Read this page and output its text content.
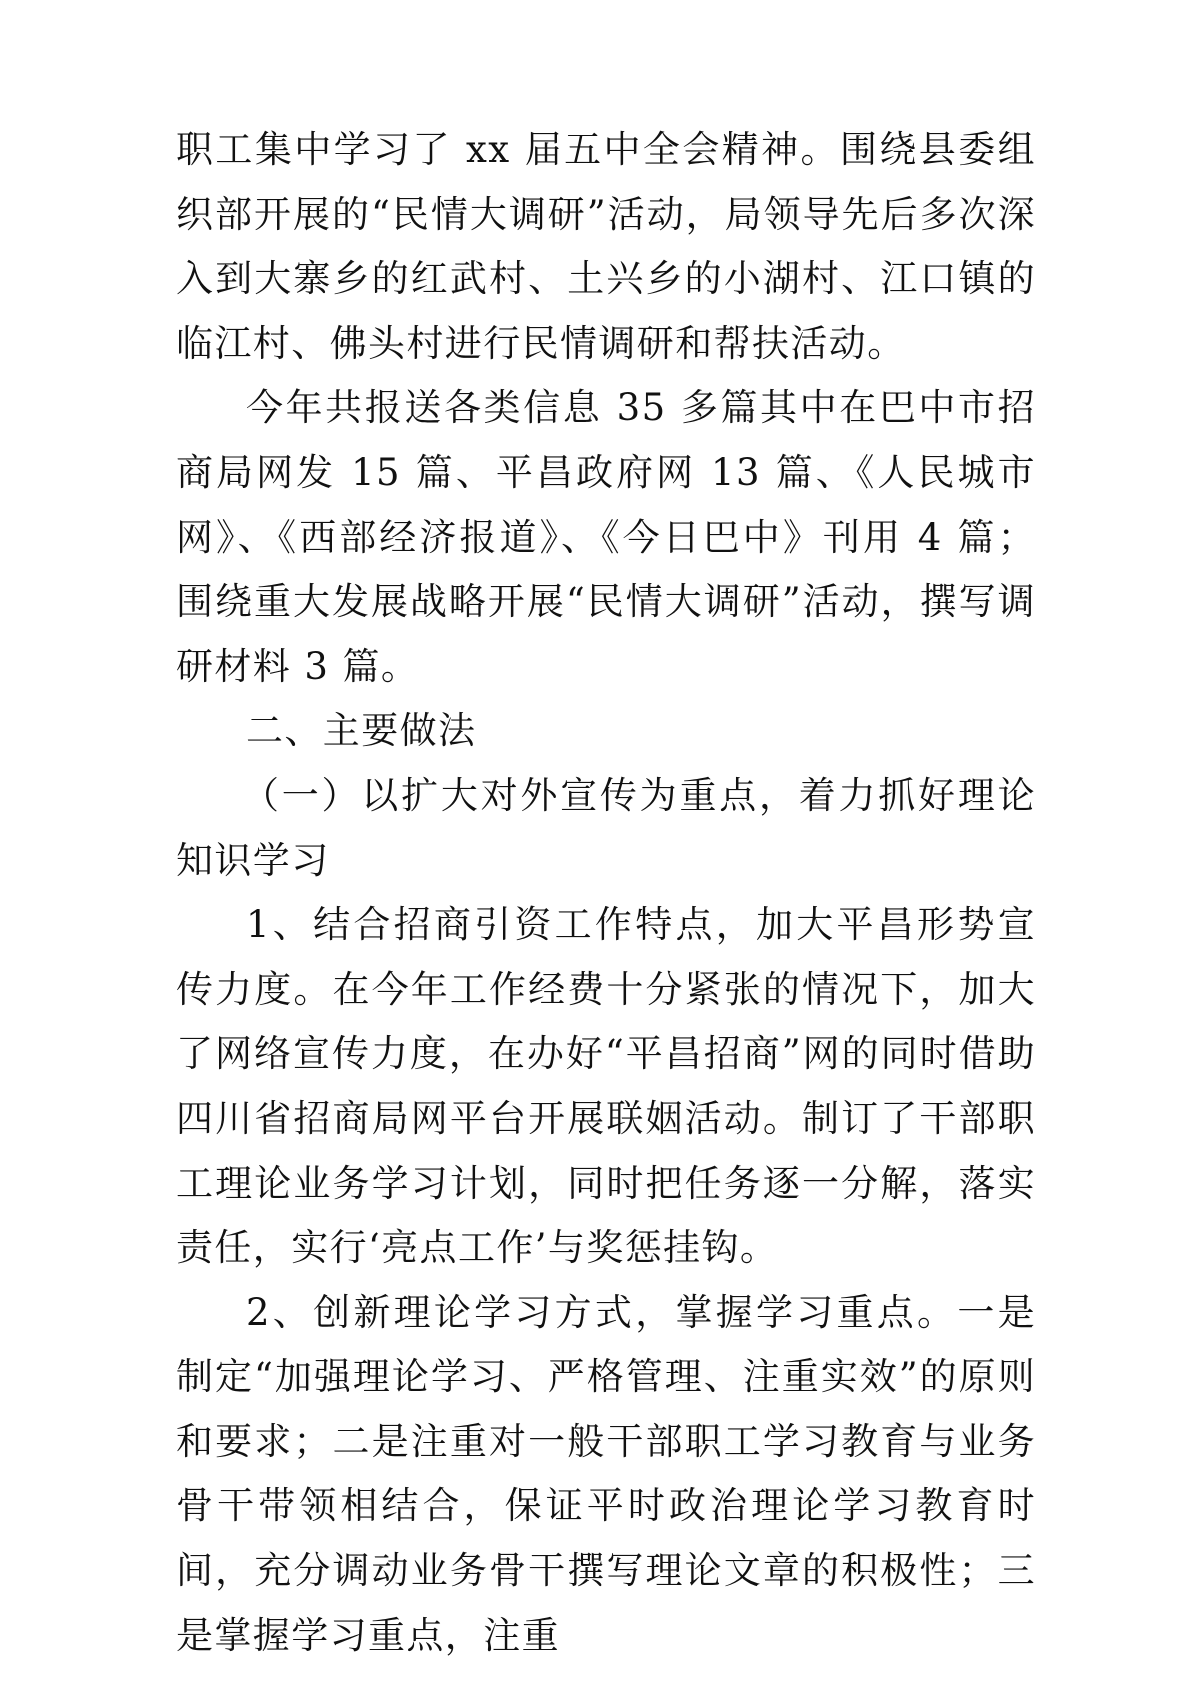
职工集中学习了 xx 届五中全会精神。围绕县委组织部开展的“民情大调研”活动，局领导先后多次深入到大寨乡的红武村、土兴乡的小湖村、江口镇的临江村、佛头村进行民情调研和帮扶活动。

今年共报送各类信息 35 多篇其中在巴中市招商局网发 15 篇、平昌政府网 13 篇、《人民城市网》、《西部经济报道》、《今日巴中》刊用 4 篇；围绕重大发展战略开展“民情大调研”活动，撰写调研材料 3 篇。

二、主要做法

（一）以扩大对外宣传为重点，着力抓好理论知识学习

1、结合招商引资工作特点，加大平昌形势宣传力度。在今年工作经费十分紧张的情况下，加大了网络宣传力度，在办好“平昌招商”网的同时借助四川省招商局网平台开展联姻活动。制订了干部职工理论业务学习计划，同时把任务逐一分解，落实责任，实行‘亮点工作’与奖惩挂钩。

2、创新理论学习方式，掌握学习重点。一是制定“加强理论学习、严格管理、注重实效”的原则和要求；二是注重对一般干部职工学习教育与业务骨干带领相结合，保证平时政治理论学习教育时间，充分调动业务骨干撰写理论文章的积极性；三是掌握学习重点，注重
